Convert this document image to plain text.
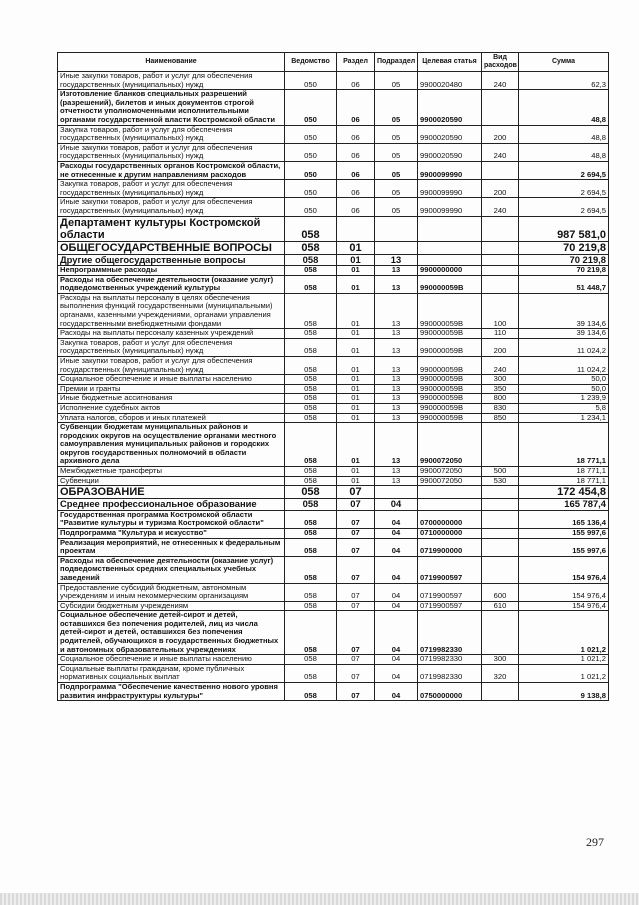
Наименование	Ведомство	Раздел	Подраздел	Целевая статья	Вид расходов	Сумма
Иные закупки товаров, работ и услуг для обеспечения государственных (муниципальных) нужд	050	06	05	9900020480	240	62,3
Изготовление бланков специальных разрешений (разрешений), билетов и иных документов строгой отчетности уполномоченными исполнительными органами государственной власти Костромской области	050	06	05	9900020590		48,8
Закупка товаров, работ и услуг для обеспечения государственных (муниципальных) нужд	050	06	05	9900020590	200	48,8
Иные закупки товаров, работ и услуг для обеспечения государственных (муниципальных) нужд	050	06	05	9900020590	240	48,8
Расходы государственных органов Костромской области, не отнесенные к другим направлениям расходов	050	06	05	9900099990		2 694,5
Закупка товаров, работ и услуг для обеспечения государственных (муниципальных) нужд	050	06	05	9900099990	200	2 694,5
Иные закупки товаров, работ и услуг для обеспечения государственных (муниципальных) нужд	050	06	05	9900099990	240	2 694,5
Департамент культуры Костромской области	058					987 581,0
ОБЩЕГОСУДАРСТВЕННЫЕ ВОПРОСЫ	058	01				70 219,8
Другие общегосударственные вопросы	058	01	13			70 219,8
Непрограммные расходы	058	01	13	9900000000		70 219,8
Расходы на обеспечение деятельности (оказание услуг) подведомственных учреждений культуры	058	01	13	990000059В		51 448,7
Расходы на выплаты персоналу в целях обеспечения выполнения функций государственными (муниципальными) органами, казенными учреждениями, органами управления государственными внебюджетными фондами	058	01	13	990000059В	100	39 134,6
Расходы на выплаты персоналу казенных учреждений	058	01	13	990000059В	110	39 134,6
Закупка товаров, работ и услуг для обеспечения государственных (муниципальных) нужд	058	01	13	990000059В	200	11 024,2
Иные закупки товаров, работ и услуг для обеспечения государственных (муниципальных) нужд	058	01	13	990000059В	240	11 024,2
Социальное обеспечение и иные выплаты населению	058	01	13	990000059В	300	50,0
Премии и гранты	058	01	13	990000059В	350	50,0
Иные бюджетные ассигнования	058	01	13	990000059В	800	1 239,9
Исполнение судебных актов	058	01	13	990000059В	830	5,8
Уплата налогов, сборов и иных платежей	058	01	13	990000059В	850	1 234,1
Субвенции бюджетам муниципальных районов и городских округов на осуществление органами местного самоуправления муниципальных районов и городских округов государственных полномочий в области архивного дела	058	01	13	9900072050		18 771,1
Межбюджетные трансферты	058	01	13	9900072050	500	18 771,1
Субвенции	058	01	13	9900072050	530	18 771,1
ОБРАЗОВАНИЕ	058	07				172 454,8
Среднее профессиональное образование	058	07	04			165 787,4
Государственная программа Костромской области "Развитие культуры и туризма Костромской области"	058	07	04	0700000000		165 136,4
Подпрограмма "Культура и искусство"	058	07	04	0710000000		155 997,6
Реализация мероприятий, не отнесенных к федеральным проектам	058	07	04	0719900000		155 997,6
Расходы на обеспечение деятельности (оказание услуг) подведомственных средних специальных учебных заведений	058	07	04	0719900597		154 976,4
Предоставление субсидий бюджетным, автономным учреждениям и иным некоммерческим организациям	058	07	04	0719900597	600	154 976,4
Субсидии бюджетным учреждениям	058	07	04	0719900597	610	154 976,4
Социальное обеспечение детей-сирот и детей, оставшихся без попечения родителей, лиц из числа детей-сирот и детей, оставшихся без попечения родителей, обучающихся в государственных бюджетных и автономных образовательных учреждениях	058	07	04	0719982330		1 021,2
Социальное обеспечение и иные выплаты населению	058	07	04	0719982330	300	1 021,2
Социальные выплаты гражданам, кроме публичных нормативных социальных выплат	058	07	04	0719982330	320	1 021,2
Подпрограмма "Обеспечение качественно нового уровня развития инфраструктуры культуры"	058	07	04	0750000000		9 138,8
297
